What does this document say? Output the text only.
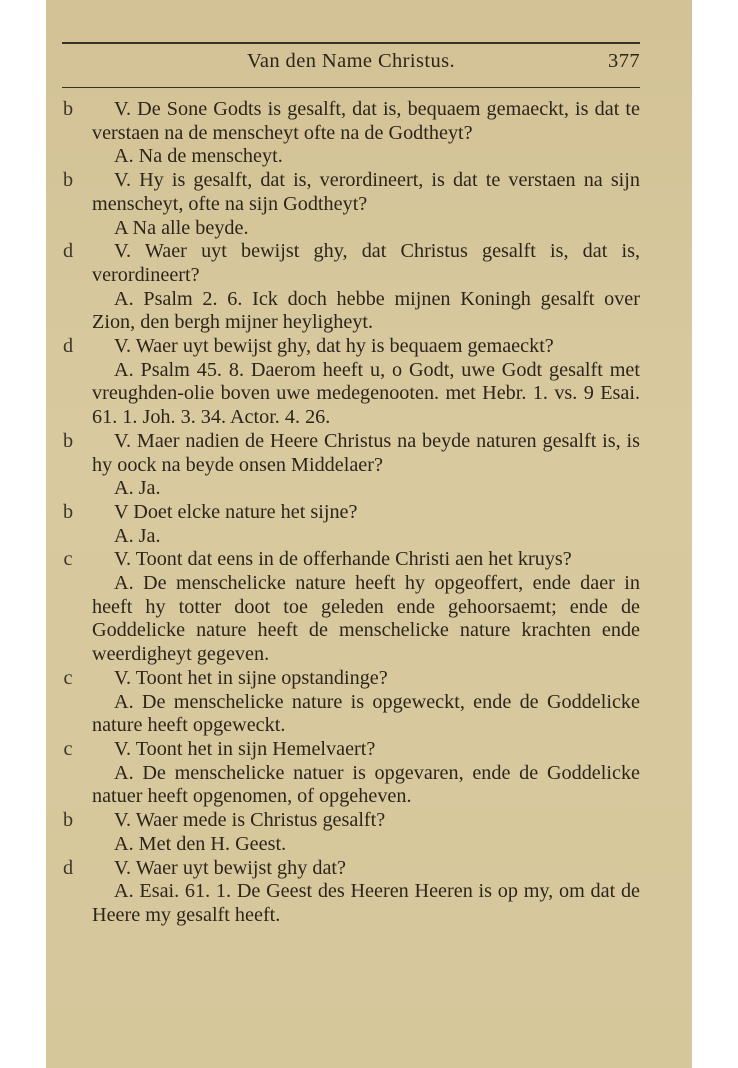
Van den Name Christus.	377
b	V. De Sone Godts is gesalft, dat is, bequaem gemaeckt, is dat te verstaen na de menscheyt ofte na de Godtheyt?

A. Na de menscheyt.

b	V. Hy is gesalft, dat is, verordineert, is dat te verstaen na sijn menscheyt, ofte na sijn Godtheyt?

A Na alle beyde.

d	V. Waer uyt bewijst ghy, dat Christus gesalft is, dat is, verordineert?

A. Psalm 2. 6. Ick doch hebbe mijnen Koningh gesalft over Zion, den bergh mijner heyligheyt.

d	V. Waer uyt bewijst ghy, dat hy is bequaem gemaeckt?

A. Psalm 45. 8. Daerom heeft u, o Godt, uwe Godt gesalft met vreughden-olie boven uwe medegenooten. met Hebr. 1. vs. 9 Esai. 61. 1. Joh. 3. 34. Actor. 4. 26.

b	V. Maer nadien de Heere Christus na beyde naturen gesalft is, is hy oock na beyde onsen Middelaer?

A. Ja.

b	V Doet elcke nature het sijne?

A. Ja.

c	V. Toont dat eens in de offerhande Christi aen het kruys?

A. De menschelicke nature heeft hy opgeoffert, ende daer in heeft hy totter doot toe geleden ende gehoorsaemt; ende de Goddelicke nature heeft de menschelicke nature krachten ende weerdigheyt gegeven.

c	V. Toont het in sijne opstandinge?

A. De menschelicke nature is opgeweckt, ende de Goddelicke nature heeft opgeweckt.

c	V. Toont het in sijn Hemelvaert?

A. De menschelicke natuer is opgevaren, ende de Goddelicke natuer heeft opgenomen, of opgeheven.

b	V. Waer mede is Christus gesalft?

A. Met den H. Geest.

d	V. Waer uyt bewijst ghy dat?

A. Esai. 61. 1. De Geest des Heeren Heeren is op my, om dat de Heere my gesalft heeft.
